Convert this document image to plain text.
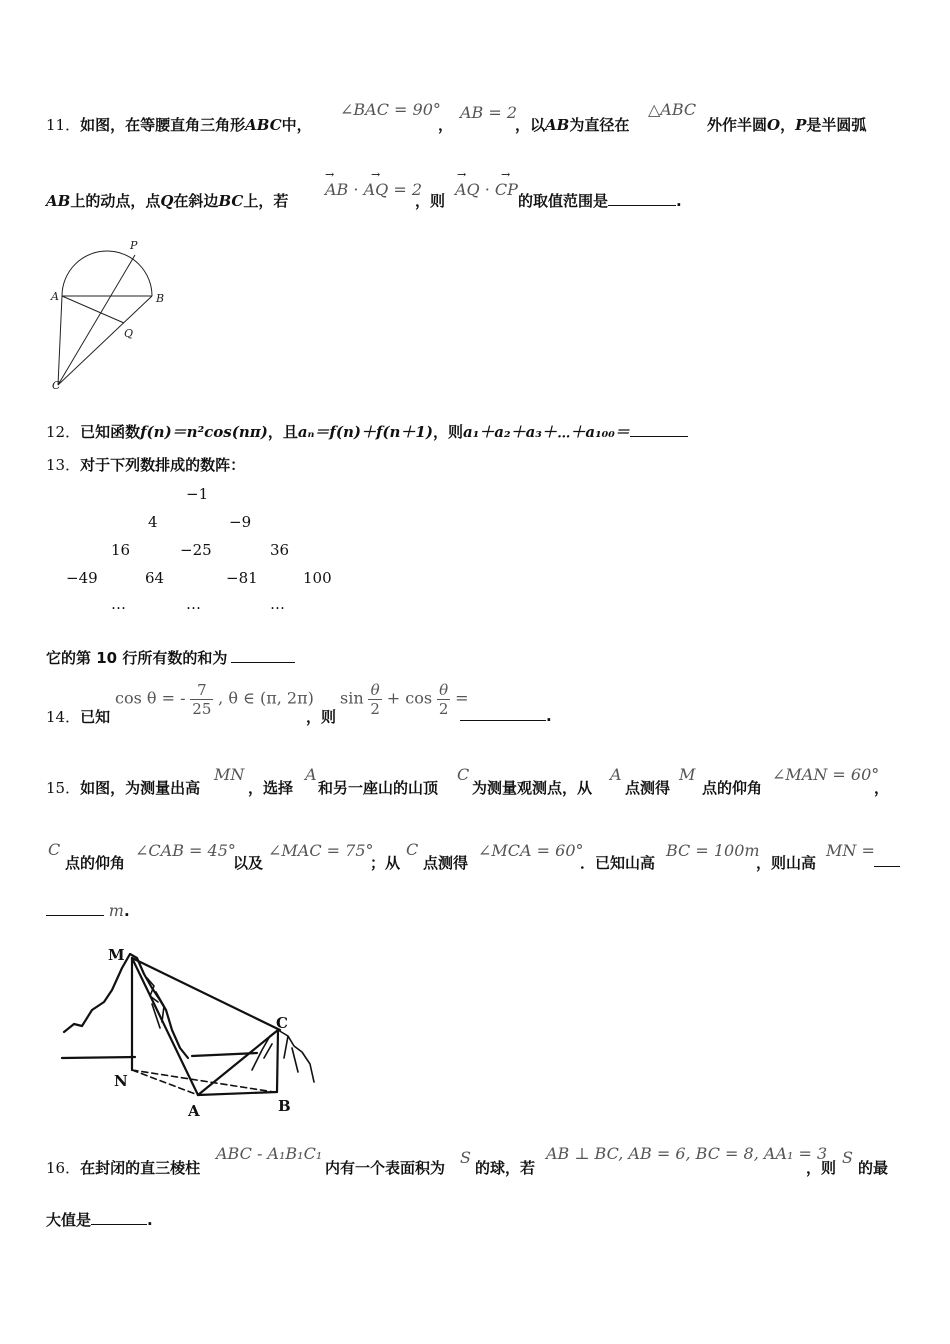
11．如图，在等腰直角三角形ABC中，
∠BAC = 90°
，
AB = 2
，以AB为直径在
△ABC
外作半圆O，P是半圆弧
AB上的动点，点Q在斜边BC上，若
AB · AQ = 2
→	→
，则
AQ · CP
→	→
的取值范围是	.
P
A	B
Q
C
12．已知函数f(n)＝n²cos(nπ)，且aₙ＝f(n)＋f(n＋1)，则a₁＋a₂＋a₃＋⋯＋a₁₀₀＝
13．对于下列数排成的数阵：
−1
4	−9
16	−25	36
−49	64	−81	100
…	…	…
它的第 10 行所有数的和为
14．已知
cos θ = - $\frac{7}{25}$ , θ ∈ (π, 2π)
，则
$\sin \frac{\theta}{2} + \cos \frac{\theta}{2}$ =
.
15．如图，为测量出高
MN
，选择
A
和另一座山的山顶
C
为测量观测点，从
A
点测得
M
点的仰角
∠MAN = 60°
，
C
点的仰角
∠CAB = 45°
以及
∠MAC = 75°
；从
C
点测得
∠MCA = 60°
．已知山高
BC = 100m
，则山高
MN =
m.
M
N
A	B
C
16．在封闭的直三棱柱
ABC - A₁B₁C₁
内有一个表面积为
S
的球，若
AB ⊥ BC, AB = 6, BC = 8, AA₁ = 3
，则
S
的最
大值是	.
